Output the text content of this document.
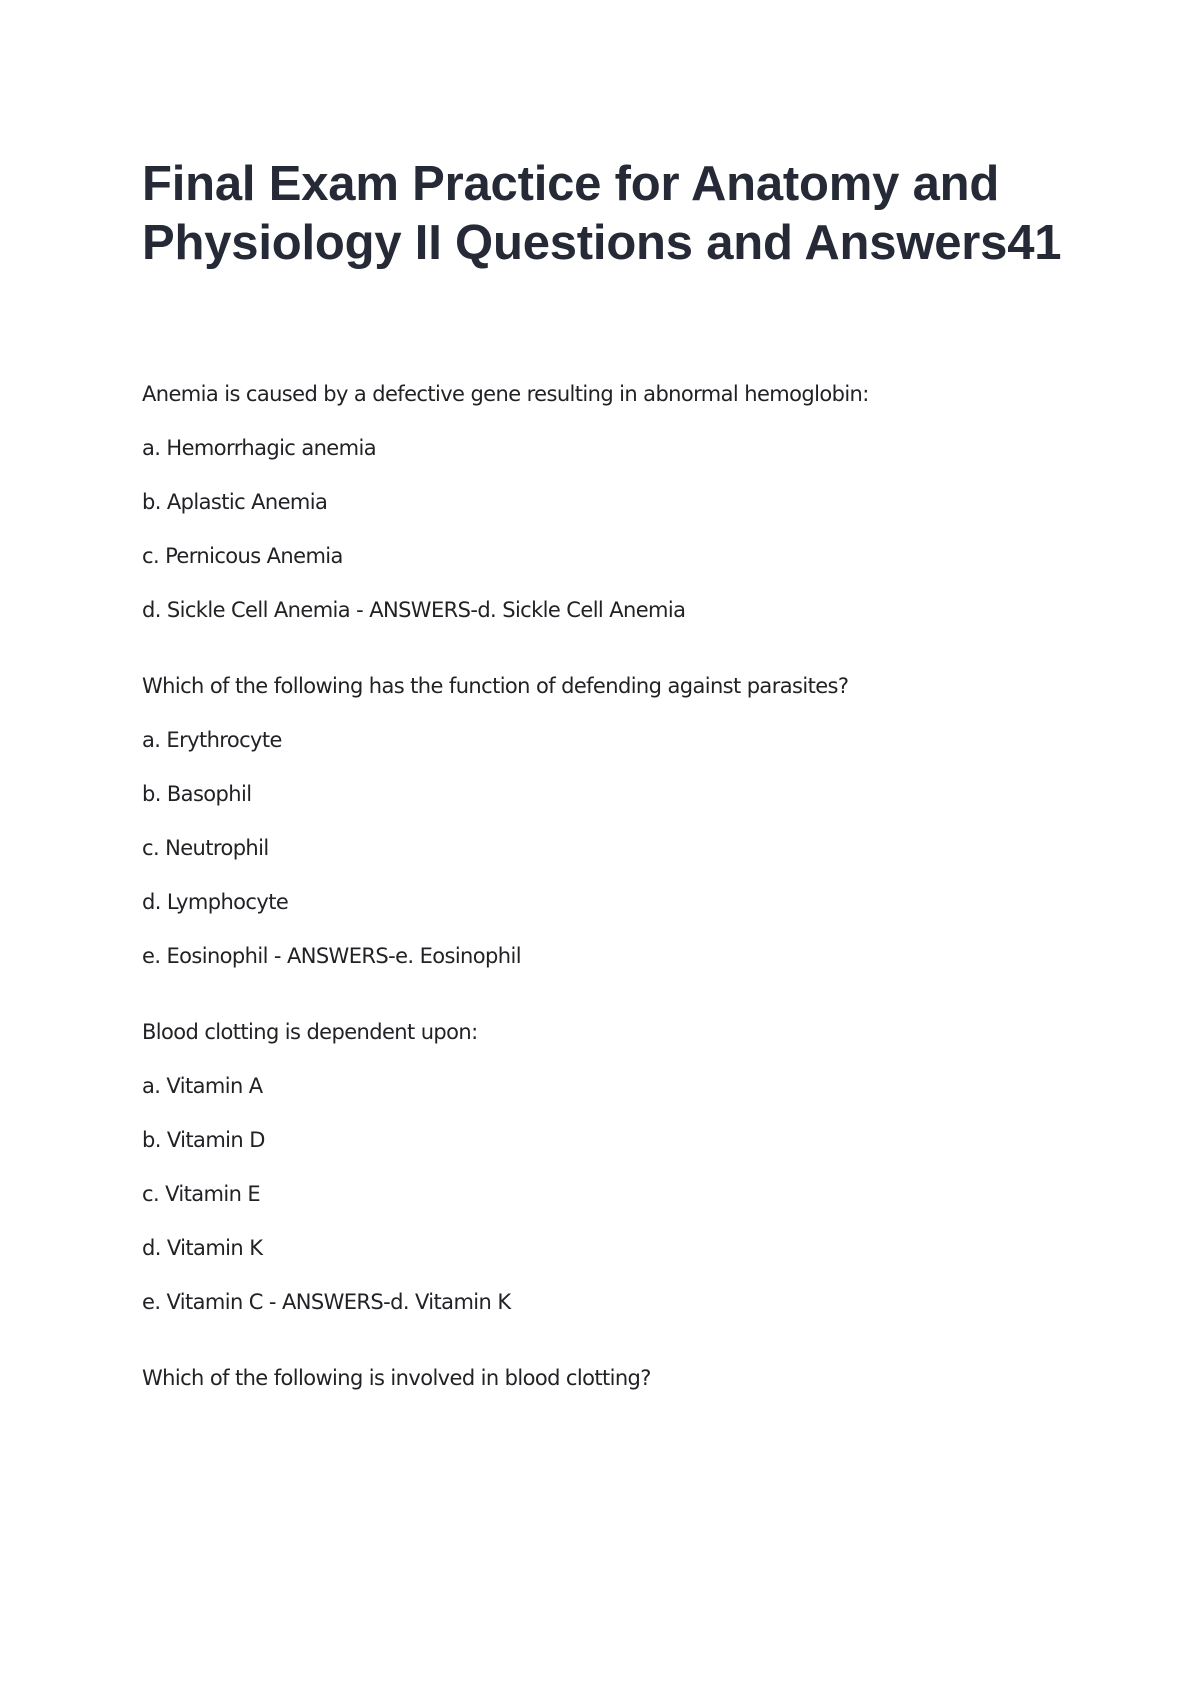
Final Exam Practice for Anatomy and Physiology II Questions and Answers41

Anemia is caused by a defective gene resulting in abnormal hemoglobin:

a. Hemorrhagic anemia

b. Aplastic Anemia

c. Pernicous Anemia

d. Sickle Cell Anemia - ANSWERS-d. Sickle Cell Anemia

Which of the following has the function of defending against parasites?

a. Erythrocyte

b. Basophil

c. Neutrophil

d. Lymphocyte

e. Eosinophil - ANSWERS-e. Eosinophil

Blood clotting is dependent upon:

a. Vitamin A

b. Vitamin D

c. Vitamin E

d. Vitamin K

e. Vitamin C - ANSWERS-d. Vitamin K

Which of the following is involved in blood clotting?
